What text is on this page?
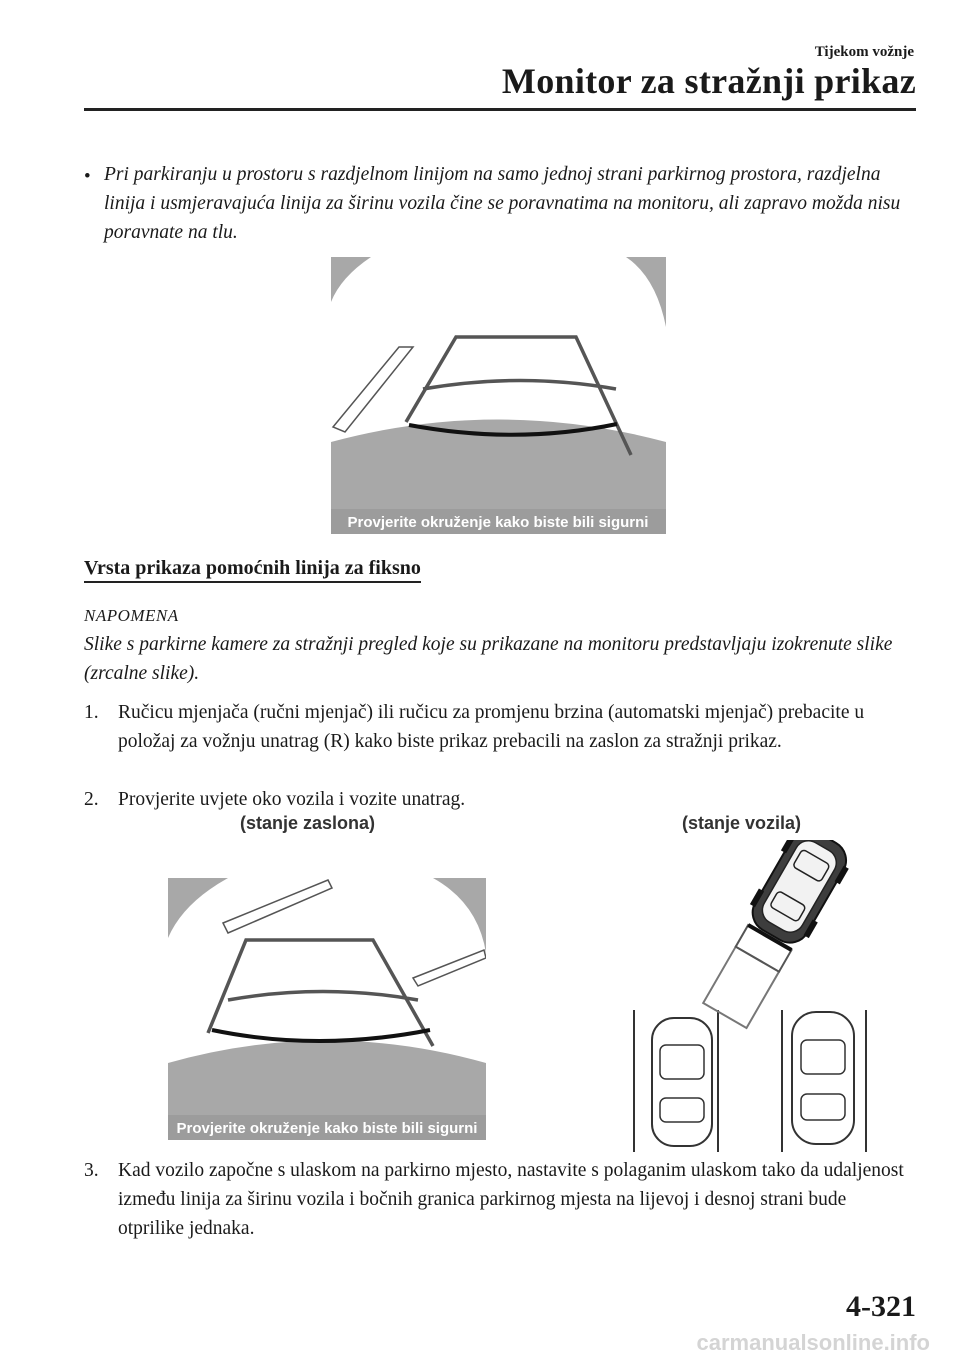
Tijekom vožnje
Monitor za stražnji prikaz
• Pri parkiranju u prostoru s razdjelnom linijom na samo jednoj strani parkirnog prostora, razdjelna linija i usmjeravajuća linija za širinu vozila čine se poravnatima na monitoru, ali zapravo možda nisu poravnate na tlu.
Provjerite okruženje kako biste bili sigurni
Vrsta prikaza pomoćnih linija za fiksno
NAPOMENA
Slike s parkirne kamere za stražnji pregled koje su prikazane na monitoru predstavljaju izokrenute slike (zrcalne slike).
1. Ručicu mjenjača (ručni mjenjač) ili ručicu za promjenu brzina (automatski mjenjač) prebacite u položaj za vožnju unatrag (R) kako biste prikaz prebacili na zaslon za stražnji prikaz.
2. Provjerite uvjete oko vozila i vozite unatrag.
(stanje zaslona)	(stanje vozila)
Provjerite okruženje kako biste bili sigurni
3. Kad vozilo započne s ulaskom na parkirno mjesto, nastavite s polaganim ulaskom tako da udaljenost između linija za širinu vozila i bočnih granica parkirnog mjesta na lijevoj i desnoj strani bude otprilike jednaka.
4-321
carmanualsonline.info
